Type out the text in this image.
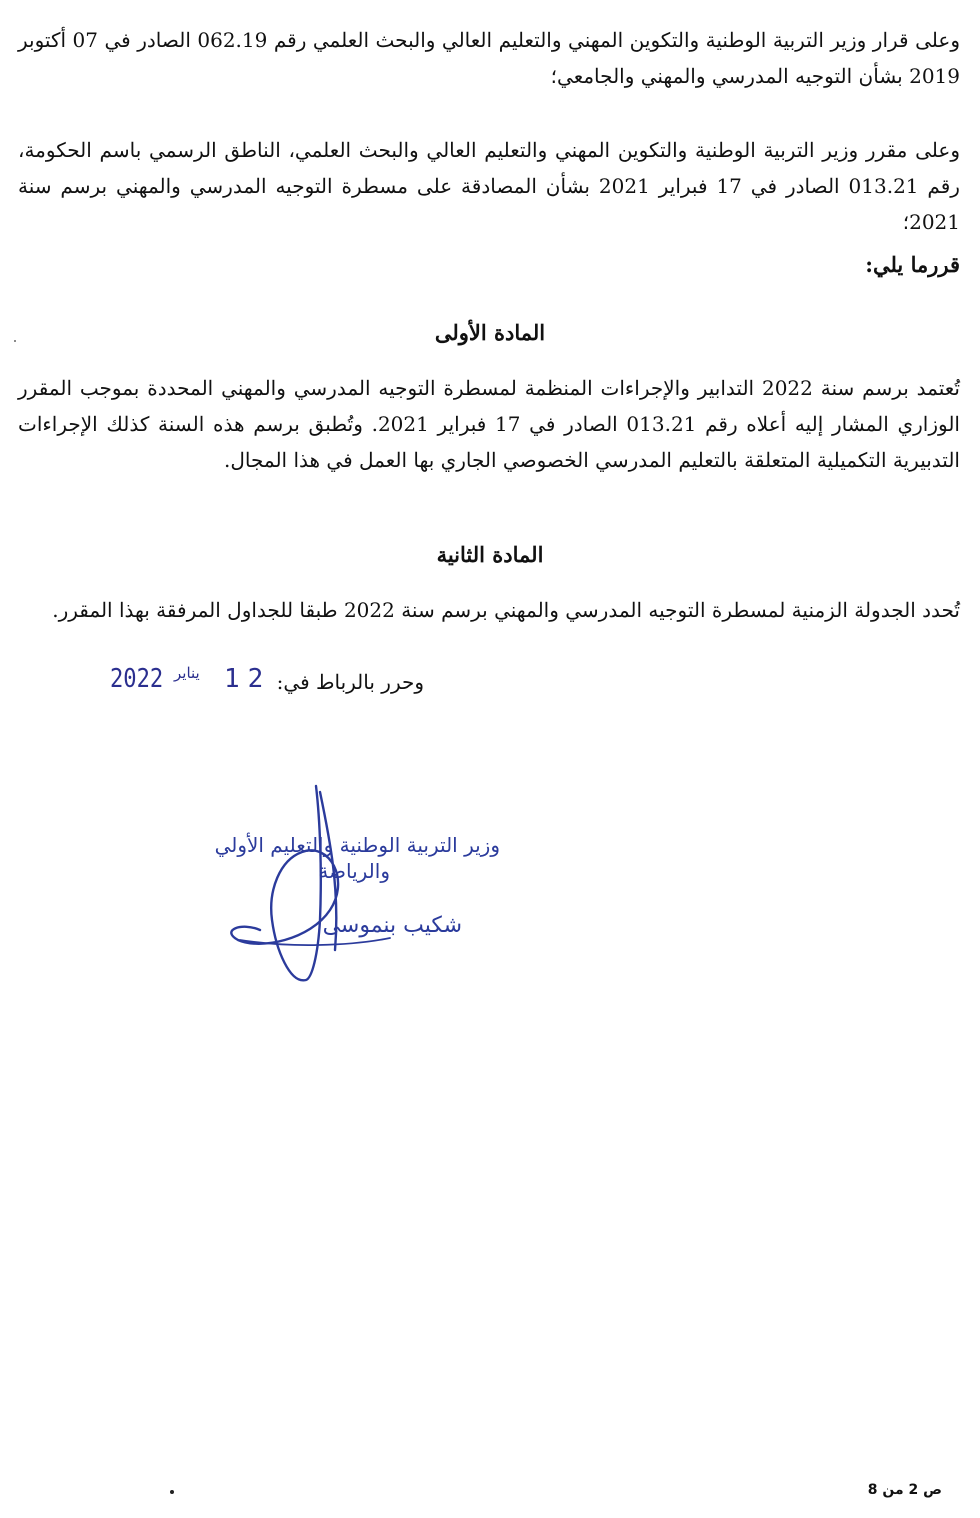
وعلى قرار وزير التربية الوطنية والتكوين المهني والتعليم العالي والبحث العلمي رقم 062.19 الصادر في 07 أكتوبر 2019 بشأن التوجيه المدرسي والمهني والجامعي؛

وعلى مقرر وزير التربية الوطنية والتكوين المهني والتعليم العالي والبحث العلمي، الناطق الرسمي باسم الحكومة، رقم 013.21 الصادر في 17 فبراير 2021 بشأن المصادقة على مسطرة التوجيه المدرسي والمهني برسم سنة 2021؛

قررما يلي:
المادة الأولى

تُعتمد برسم سنة 2022 التدابير والإجراءات المنظمة لمسطرة التوجيه المدرسي والمهني المحددة بموجب المقرر الوزاري المشار إليه أعلاه رقم 013.21 الصادر في 17 فبراير 2021. وتُطبق برسم هذه السنة كذلك الإجراءات التدبيرية التكميلية المتعلقة بالتعليم المدرسي الخصوصي الجاري بها العمل في هذا المجال.

المادة الثانية

تُحدد الجدولة الزمنية لمسطرة التوجيه المدرسي والمهني برسم سنة 2022 طبقا للجداول المرفقة بهذا المقرر.

وحرر بالرباط في:
2022 يناير 12
وزير التربية الوطنية والتعليم الأولي
والرياضة
شكيب بنموسى
ص 2 من 8
